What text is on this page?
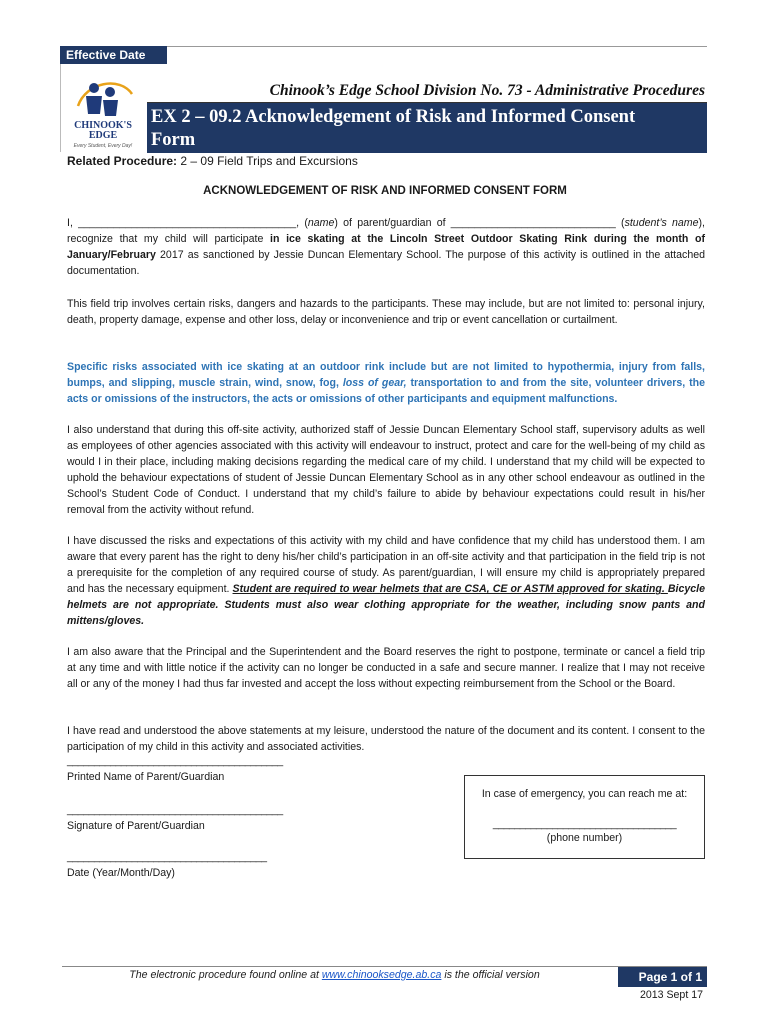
Effective Date
CHINOOK'S
EDGE
Every Student, Every Day!
Chinook’s Edge School Division No. 73 - Administrative Procedures
EX 2 – 09.2 Acknowledgement of Risk and Informed Consent
Form
Related Procedure: 2 – 09 Field Trips and Excursions
ACKNOWLEDGEMENT OF RISK AND INFORMED CONSENT FORM
I, _____________________________________, (name) of parent/guardian of ____________________________ (student’s name), recognize that my child will participate in ice skating at the Lincoln Street Outdoor Skating Rink during the month of January/February 2017 as sanctioned by Jessie Duncan Elementary School. The purpose of this activity is outlined in the attached documentation.
This field trip involves certain risks, dangers and hazards to the participants. These may include, but are not limited to: personal injury, death, property damage, expense and other loss, delay or inconvenience and trip or event cancellation or curtailment.
Specific risks associated with ice skating at an outdoor rink include but are not limited to hypothermia, injury from falls, bumps, and slipping, muscle strain, wind, snow, fog, loss of gear, transportation to and from the site, volunteer drivers, the acts or omissions of the instructors, the acts or omissions of other participants and equipment malfunctions.
I also understand that during this off-site activity, authorized staff of Jessie Duncan Elementary School staff, supervisory adults as well as employees of other agencies associated with this activity will endeavour to instruct, protect and care for the well-being of my child as would I in their place, including making decisions regarding the medical care of my child. I understand that my child will be expected to uphold the behaviour expectations of student of Jessie Duncan Elementary School as in any other school endeavour as outlined in the School’s Student Code of Conduct. I understand that my child’s failure to abide by behaviour expectations could result in his/her removal from the activity without refund.
I have discussed the risks and expectations of this activity with my child and have confidence that my child has understood them. I am aware that every parent has the right to deny his/her child’s participation in an off-site activity and that participation in the field trip is not a prerequisite for the completion of any required course of study. As parent/guardian, I will ensure my child is appropriately prepared and has the necessary equipment. Student are required to wear helmets that are CSA, CE or ASTM approved for skating. Bicycle helmets are not appropriate. Students must also wear clothing appropriate for the weather, including snow pants and mittens/gloves.
I am also aware that the Principal and the Superintendent and the Board reserves the right to postpone, terminate or cancel a field trip at any time and with little notice if the activity can no longer be conducted in a safe and secure manner. I realize that I may not receive all or any of the money I had thus far invested and accept the loss without expecting reimbursement from the School or the Board.
I have read and understood the above statements at my leisure, understood the nature of the document and its content. I consent to the participation of my child in this activity and associated activities.
________________________________________
Printed Name of Parent/Guardian
________________________________________
Signature of Parent/Guardian
_____________________________________
Date (Year/Month/Day)
In case of emergency, you can reach me at:
__________________________________
(phone number)
The electronic procedure found online at www.chinooksedge.ab.ca is the official version	Page 1 of 1
2013 Sept 17
